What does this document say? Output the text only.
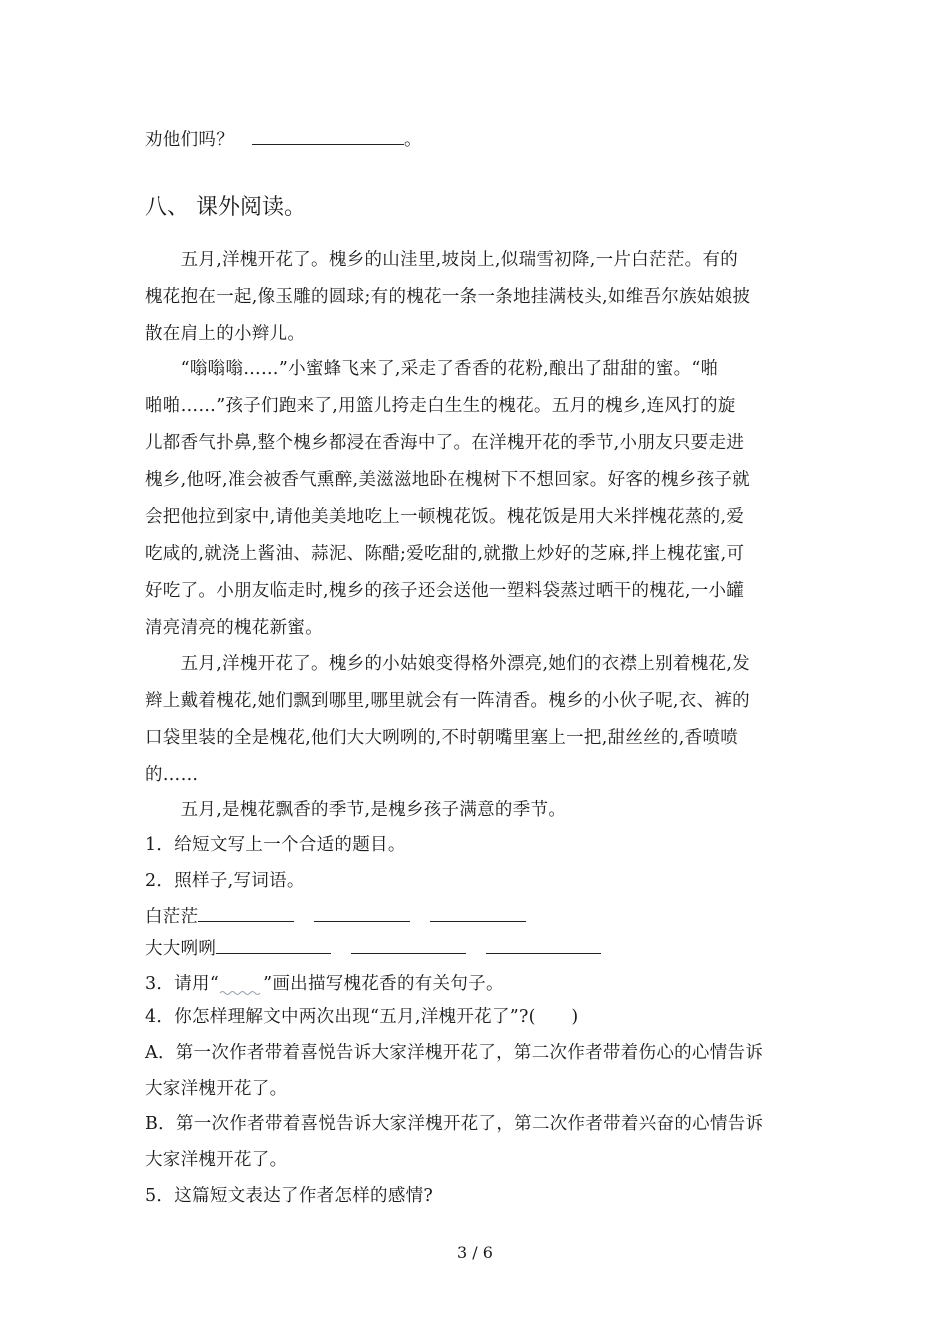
劝他们吗？	。
八、 课外阅读。
　　五月,洋槐开花了。槐乡的山洼里,坡岗上,似瑞雪初降,一片白茫茫。有的
槐花抱在一起,像玉雕的圆球;有的槐花一条一条地挂满枝头,如维吾尔族姑娘披
散在肩上的小辫儿。
　　“嗡嗡嗡……”小蜜蜂飞来了,采走了香香的花粉,酿出了甜甜的蜜。“啪
啪啪……”孩子们跑来了,用篮儿挎走白生生的槐花。五月的槐乡,连风打的旋
儿都香气扑鼻,整个槐乡都浸在香海中了。在洋槐开花的季节,小朋友只要走进
槐乡,他呀,准会被香气熏醉,美滋滋地卧在槐树下不想回家。好客的槐乡孩子就
会把他拉到家中,请他美美地吃上一顿槐花饭。槐花饭是用大米拌槐花蒸的,爱
吃咸的,就浇上酱油、蒜泥、陈醋;爱吃甜的,就撒上炒好的芝麻,拌上槐花蜜,可
好吃了。小朋友临走时,槐乡的孩子还会送他一塑料袋蒸过晒干的槐花,一小罐
清亮清亮的槐花新蜜。
　　五月,洋槐开花了。槐乡的小姑娘变得格外漂亮,她们的衣襟上别着槐花,发
辫上戴着槐花,她们飘到哪里,哪里就会有一阵清香。槐乡的小伙子呢,衣、裤的
口袋里装的全是槐花,他们大大咧咧的,不时朝嘴里塞上一把,甜丝丝的,香喷喷
的……
　　五月,是槐花飘香的季节,是槐乡孩子满意的季节。
1．给短文写上一个合适的题目。
2．照样子,写词语。
白茫茫
大大咧咧
3．请用“	”画出描写槐花香的有关句子。
4．你怎样理解文中两次出现“五月,洋槐开花了”?(　　)
A．第一次作者带着喜悦告诉大家洋槐开花了，第二次作者带着伤心的心情告诉
大家洋槐开花了。
B．第一次作者带着喜悦告诉大家洋槐开花了，第二次作者带着兴奋的心情告诉
大家洋槐开花了。
5．这篇短文表达了作者怎样的感情?
3 / 6
